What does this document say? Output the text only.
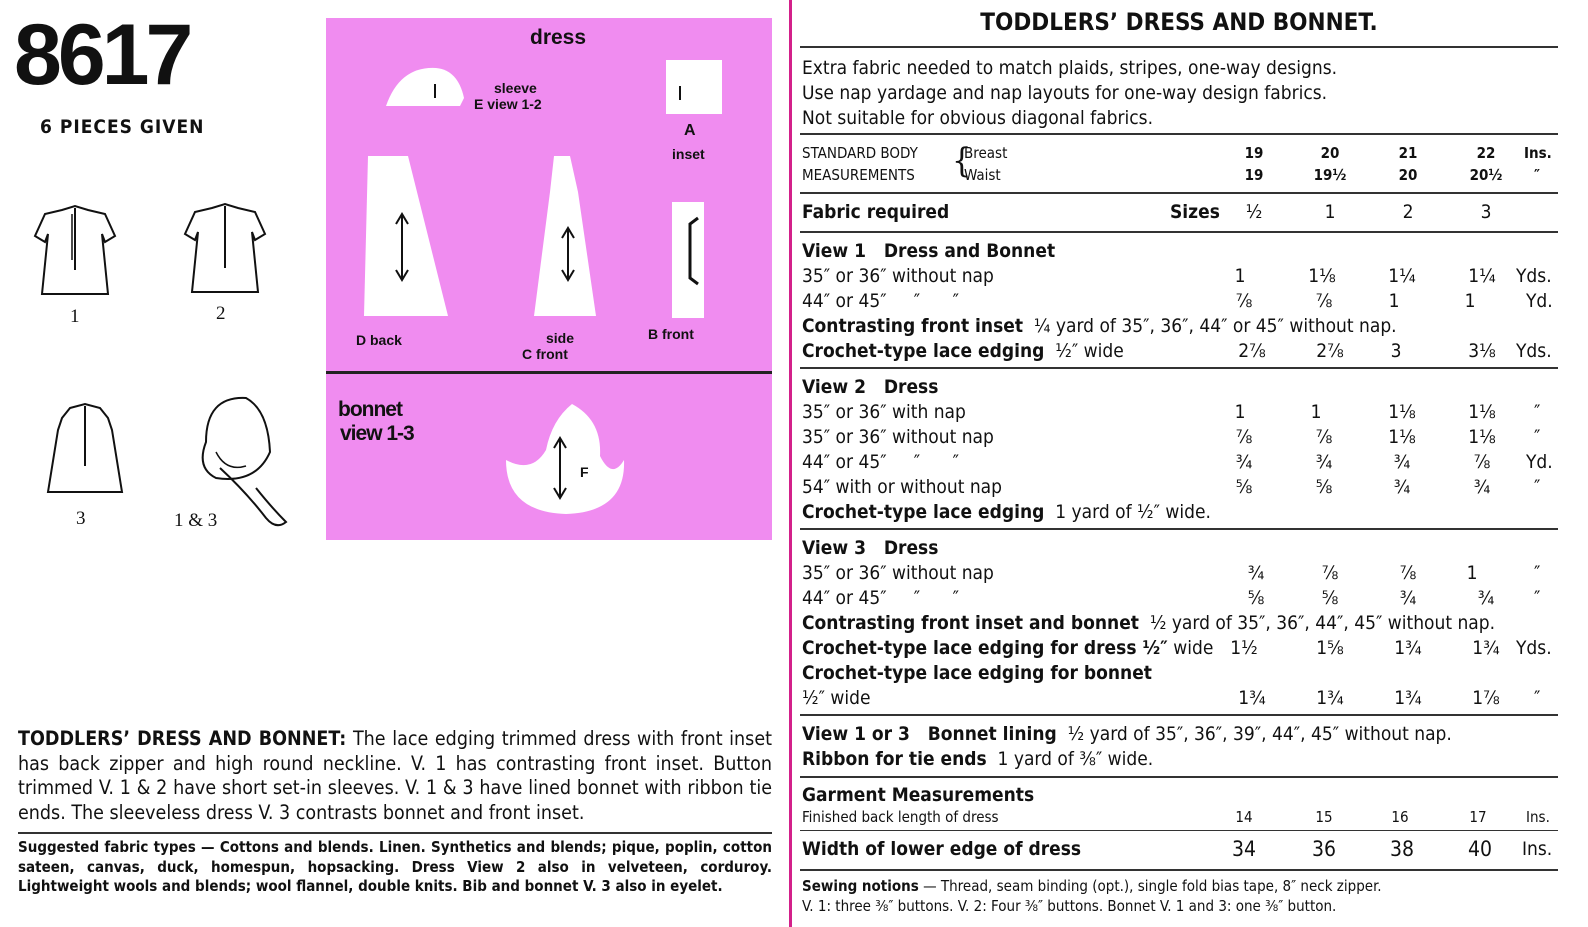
8617
6 PIECES GIVEN
1	2
3	1 & 3
dress
sleeve
E view 1-2
A
inset
D back	side
C front
B front
bonnet
view 1-3
F
TODDLERS’ DRESS AND BONNET: The lace edging trimmed dress with front inset has back zipper and high round neckline. V. 1 has contrasting front inset. Button trimmed V. 1 & 2 have short set-in sleeves. V. 1 & 3 have lined bonnet with ribbon tie ends. The sleeveless dress V. 3 contrasts bonnet and front inset.
Suggested fabric types — Cottons and blends. Linen. Synthetics and blends; pique, poplin, cotton sateen, canvas, duck, homespun, hopsacking. Dress View 2 also in velveteen, corduroy. Lightweight wools and blends; wool flannel, double knits. Bib and bonnet V. 3 also in eyelet.
TODDLERS’ DRESS AND BONNET.
Extra fabric needed to match plaids, stripes, one-way designs.
Use nap yardage and nap layouts for one-way design fabrics.
Not suitable for obvious diagonal fabrics.
STANDARD BODY
MEASUREMENTS {
Breast
Waist
19	20	21	22	Ins.
19	19½	20	20½	″
Fabric required	Sizes	½	1	2	3
View 1   Dress and Bonnet
35″ or 36″ without nap	1	1⅛	1¼	1¼	Yds.
44″ or 45″     ″      ″	⅞	⅞	1	1	Yd.
Contrasting front inset ¼ yard of 35″, 36″, 44″ or 45″ without nap.
Crochet-type lace edging ½″ wide	2⅞	2⅞	3	3⅛	Yds.
View 2   Dress
35″ or 36″ with nap	1	1	1⅛	1⅛	″
35″ or 36″ without nap	⅞	⅞	1⅛	1⅛	″
44″ or 45″     ″      ″	¾	¾	¾	⅞	Yd.
54″ with or without nap	⅝	⅝	¾	¾	″
Crochet-type lace edging 1 yard of ½″ wide.
View 3   Dress
35″ or 36″ without nap	¾	⅞	⅞	1	″
44″ or 45″     ″      ″	⅝	⅝	¾	¾	″
Contrasting front inset and bonnet ½ yard of 35″, 36″, 44″, 45″ without nap.
Crochet-type lace edging for dress ½″ wide 1½	1⅝	1¾	1¾ Yds.
Crochet-type lace edging for bonnet
½″ wide	1¾	1¾	1¾	1⅞	″
View 1 or 3   Bonnet lining ½ yard of 35″, 36″, 39″, 44″, 45″ without nap.
Ribbon for tie ends 1 yard of ⅜″ wide.
Garment Measurements
Finished back length of dress	14	15	16	17	Ins.
Width of lower edge of dress	34	36	38	40	Ins.
Sewing notions — Thread, seam binding (opt.), single fold bias tape, 8″ neck zipper.
V. 1: three ⅜″ buttons. V. 2: Four ⅜″ buttons. Bonnet V. 1 and 3: one ⅜″ button.
